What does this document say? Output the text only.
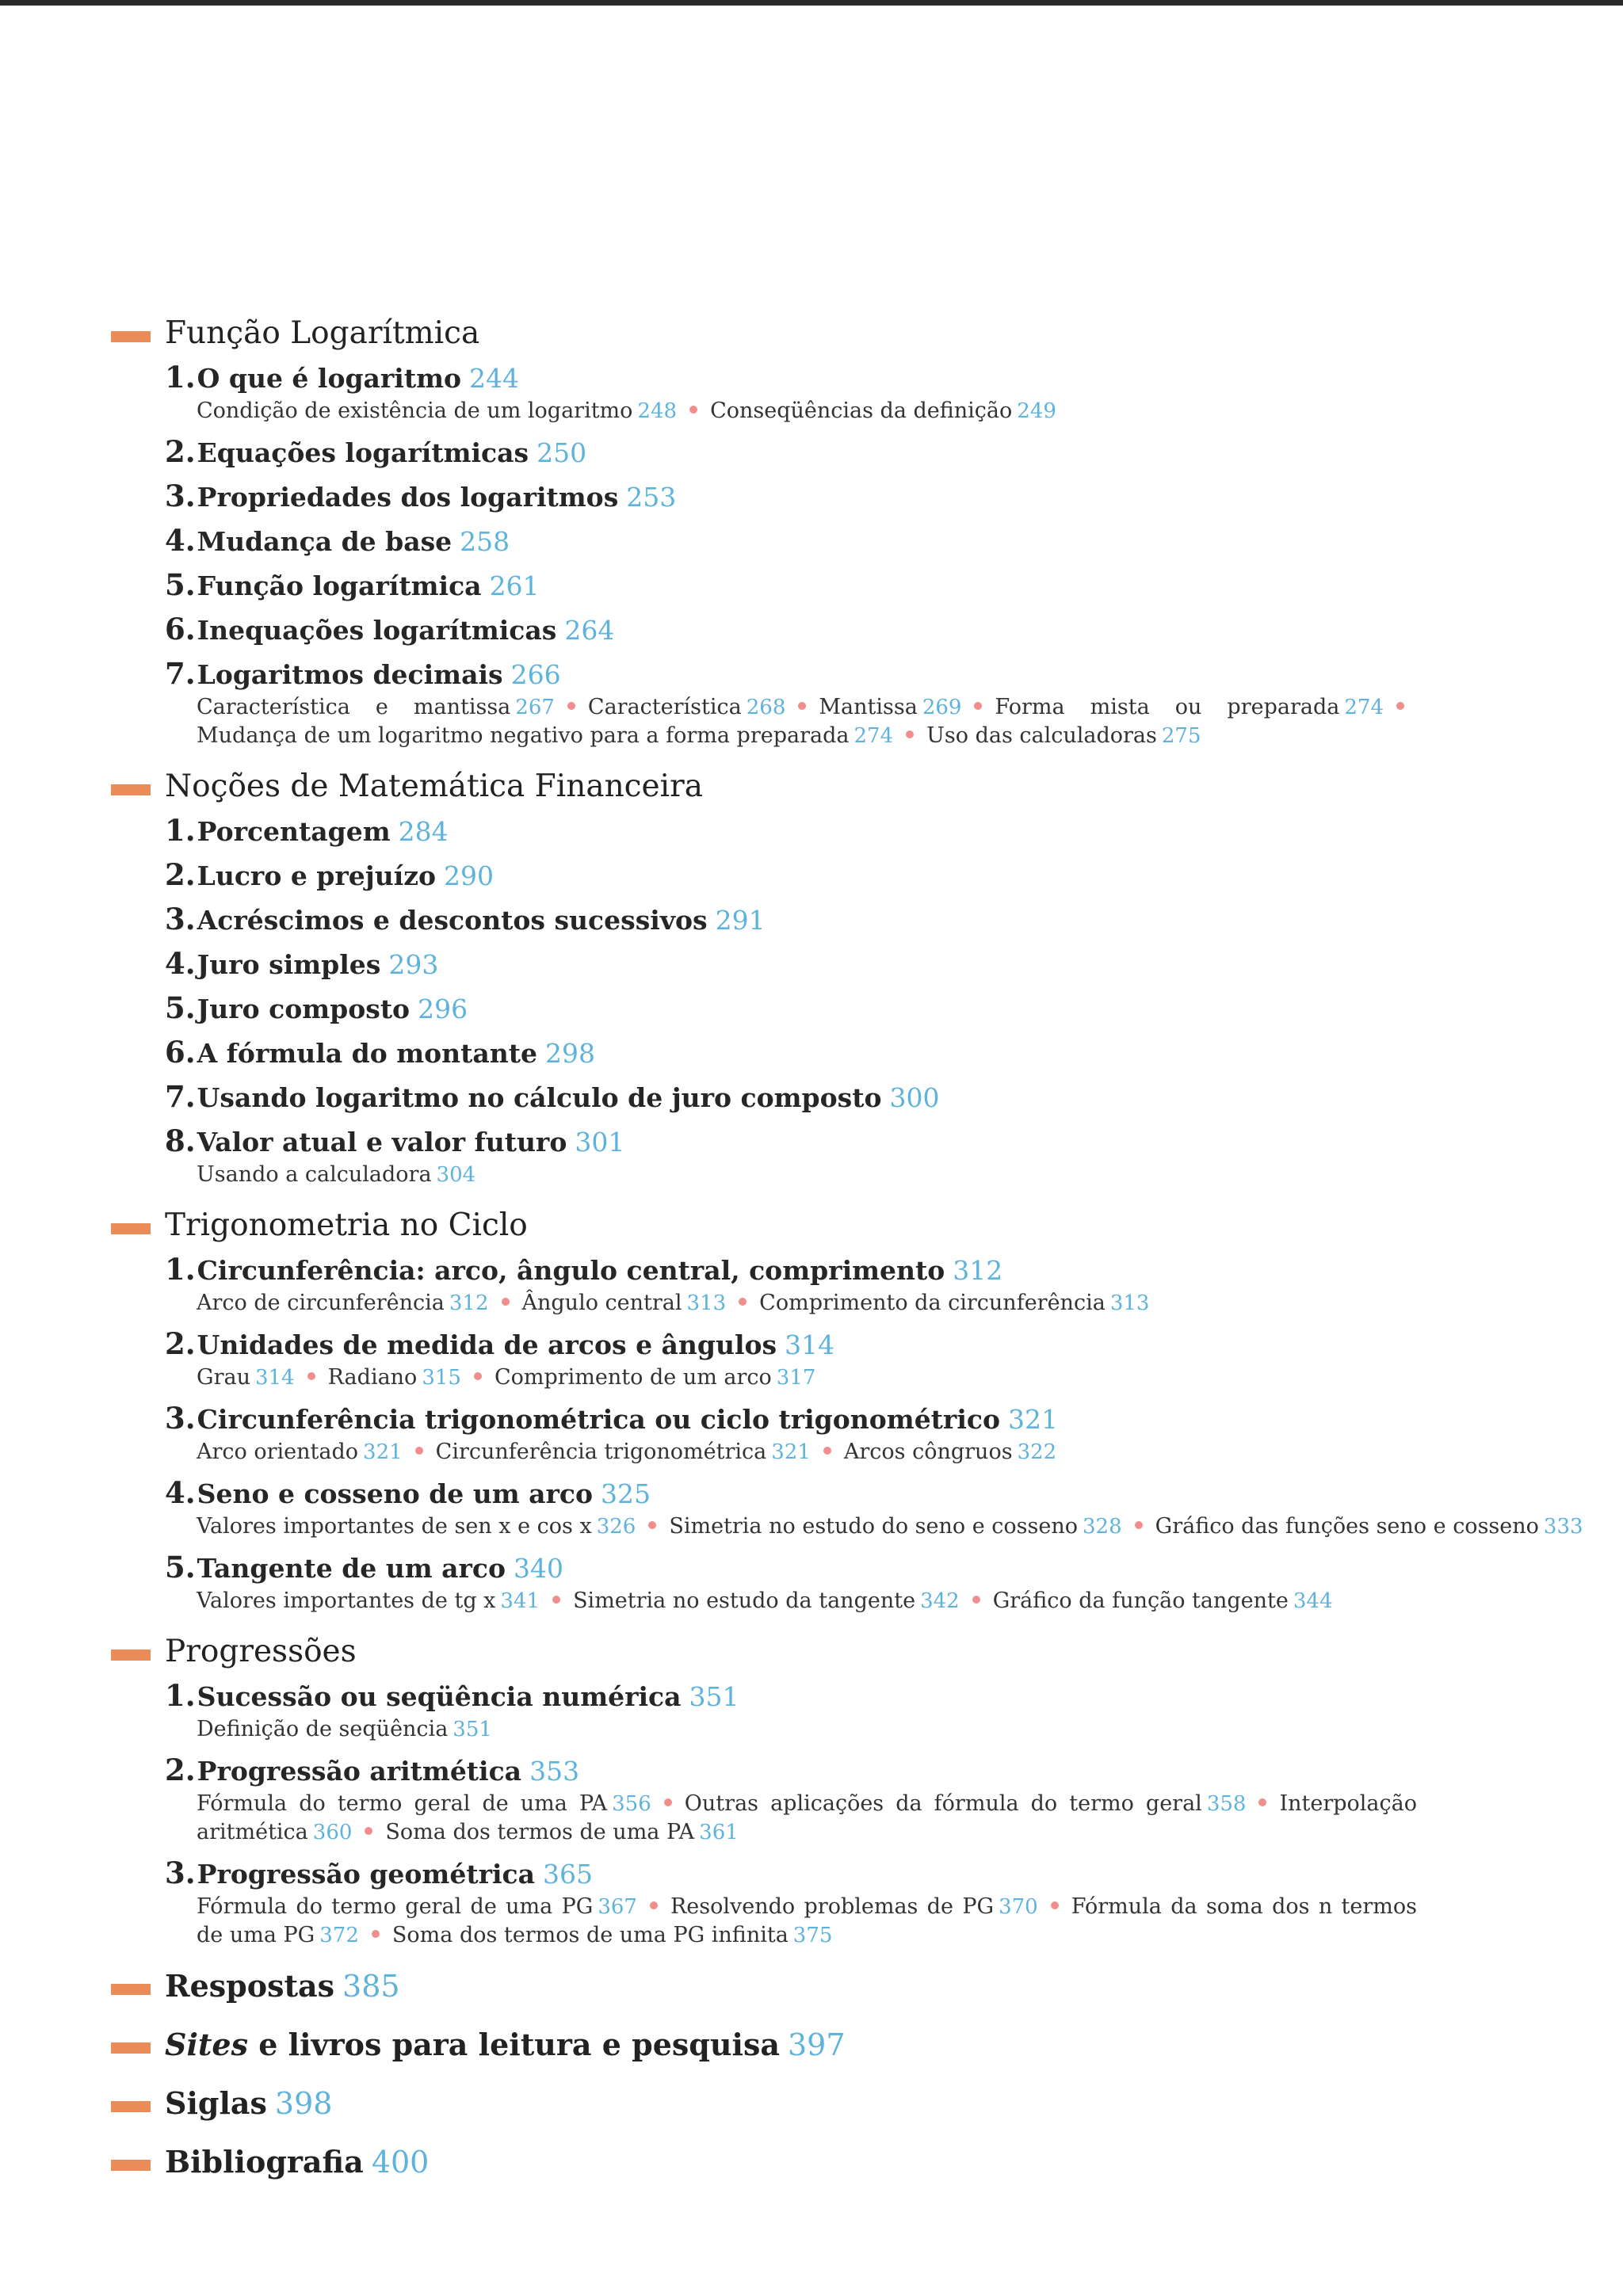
Função Logarítmica
1.O que é logaritmo 244
Condição de existência de um logaritmo 248 Conseqüências da definição 249
2.Equações logarítmicas 250
3.Propriedades dos logaritmos 253
4.Mudança de base 258
5.Função logarítmica 261
6.Inequações logarítmicas 264
7.Logaritmos decimais 266
Característica e mantissa 267 Característica 268 Mantissa 269 Forma mista ou preparada 274Mudança de um logaritmo negativo para a forma preparada 274 Uso das calculadoras 275
Noções de Matemática Financeira
1.Porcentagem 284
2.Lucro e prejuízo 290
3.Acréscimos e descontos sucessivos 291
4.Juro simples 293
5.Juro composto 296
6.A fórmula do montante 298
7.Usando logaritmo no cálculo de juro composto 300
8.Valor atual e valor futuro 301
Usando a calculadora 304
Trigonometria no Ciclo
1.Circunferência: arco, ângulo central, comprimento 312
Arco de circunferência 312 Ângulo central 313 Comprimento da circunferência 313
2.Unidades de medida de arcos e ângulos 314
Grau 314 Radiano 315 Comprimento de um arco 317
3.Circunferência trigonométrica ou ciclo trigonométrico 321
Arco orientado 321 Circunferência trigonométrica 321 Arcos côngruos 322
4.Seno e cosseno de um arco 325
Valores importantes de sen x e cos x 326 Simetria no estudo do seno e cosseno 328 Gráfico das funções seno e cosseno 333
5.Tangente de um arco 340
Valores importantes de tg x 341 Simetria no estudo da tangente 342 Gráfico da função tangente 344
Progressões
1.Sucessão ou seqüência numérica 351
Definição de seqüência 351
2.Progressão aritmética 353
Fórmula do termo geral de uma PA 356 Outras aplicações da fórmula do termo geral 358 Interpolação aritmética 360 Soma dos termos de uma PA 361
3.Progressão geométrica 365
Fórmula do termo geral de uma PG 367 Resolvendo problemas de PG 370 Fórmula da soma dos n termos de uma PG 372 Soma dos termos de uma PG infinita 375
Respostas 385
Sites e livros para leitura e pesquisa 397
Siglas 398
Bibliografia 400
